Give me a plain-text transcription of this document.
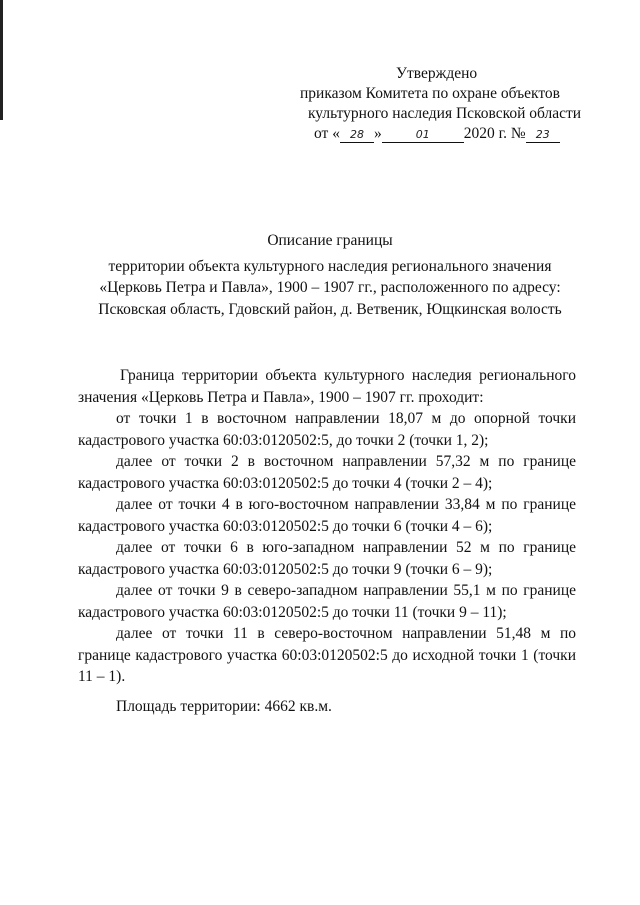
Утверждено
приказом Комитета по охране объектов
культурного наследия Псковской области
от « 28 »	01 2020 г. № 23
Описание границы
территории объекта культурного наследия регионального значения
«Церковь Петра и Павла», 1900 – 1907 гг., расположенного по адресу:
Псковская область, Гдовский район, д. Ветвеник, Ющкинская волость

Граница территории объекта культурного наследия регионального значения «Церковь Петра и Павла», 1900 – 1907 гг. проходит:

от точки 1 в восточном направлении 18,07 м до опорной точки кадастрового участка 60:03:0120502:5, до точки 2 (точки 1, 2);

далее от точки 2 в восточном направлении 57,32 м по границе кадастрового участка 60:03:0120502:5 до точки 4 (точки 2 – 4);

далее от точки 4 в юго-восточном направлении 33,84 м по границе кадастрового участка 60:03:0120502:5 до точки 6 (точки 4 – 6);

далее от точки 6 в юго-западном направлении 52 м по границе кадастрового участка 60:03:0120502:5 до точки 9 (точки 6 – 9);

далее от точки 9 в северо-западном направлении 55,1 м по границе кадастрового участка 60:03:0120502:5 до точки 11 (точки 9 – 11);

далее от точки 11 в северо-восточном направлении 51,48 м по границе кадастрового участка 60:03:0120502:5 до исходной точки 1 (точки 11 – 1).

Площадь территории: 4662 кв.м.
